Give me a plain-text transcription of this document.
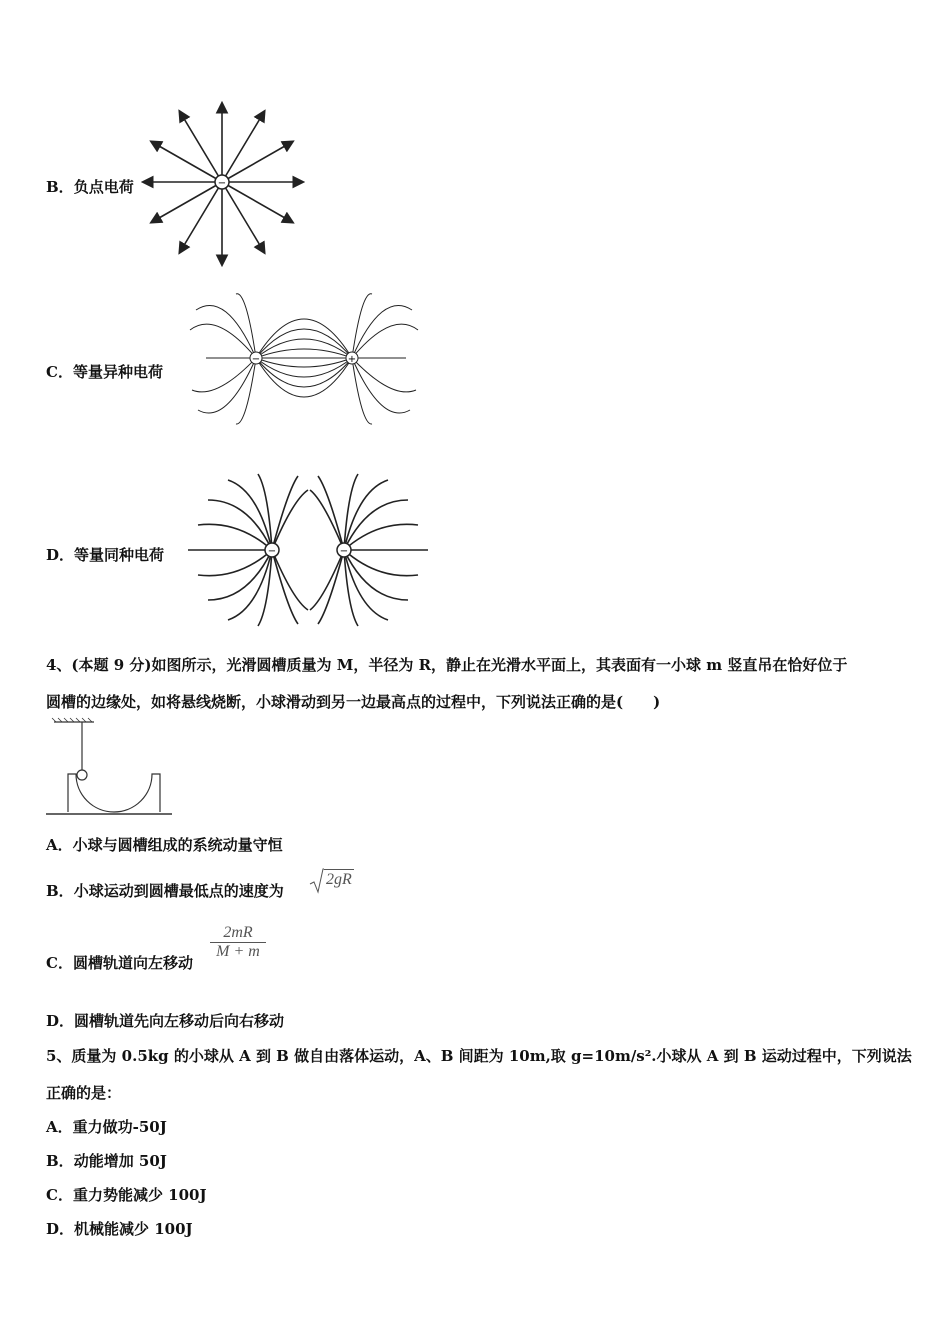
B．负点电荷	−
C．等量异种电荷
−	+
D．等量同种电荷	−	−
4、(本题 9 分)如图所示，光滑圆槽质量为 M，半径为 R，静止在光滑水平面上，其表面有一小球 m 竖直吊在恰好位于
圆槽的边缘处，如将悬线烧断，小球滑动到另一边最高点的过程中，下列说法正确的是(　　)
A．小球与圆槽组成的系统动量守恒
B．小球运动到圆槽最低点的速度为
2gR
C．圆槽轨道向左移动
$\frac{2mR}{M + m}$
D．圆槽轨道先向左移动后向右移动
5、质量为 0.5kg 的小球从 A 到 B 做自由落体运动，A、B 间距为 10m,取 g=10m/s².小球从 A 到 B 运动过程中，下列说法
正确的是：
A．重力做功-50J
B．动能增加 50J
C．重力势能减少 100J
D．机械能减少 100J
